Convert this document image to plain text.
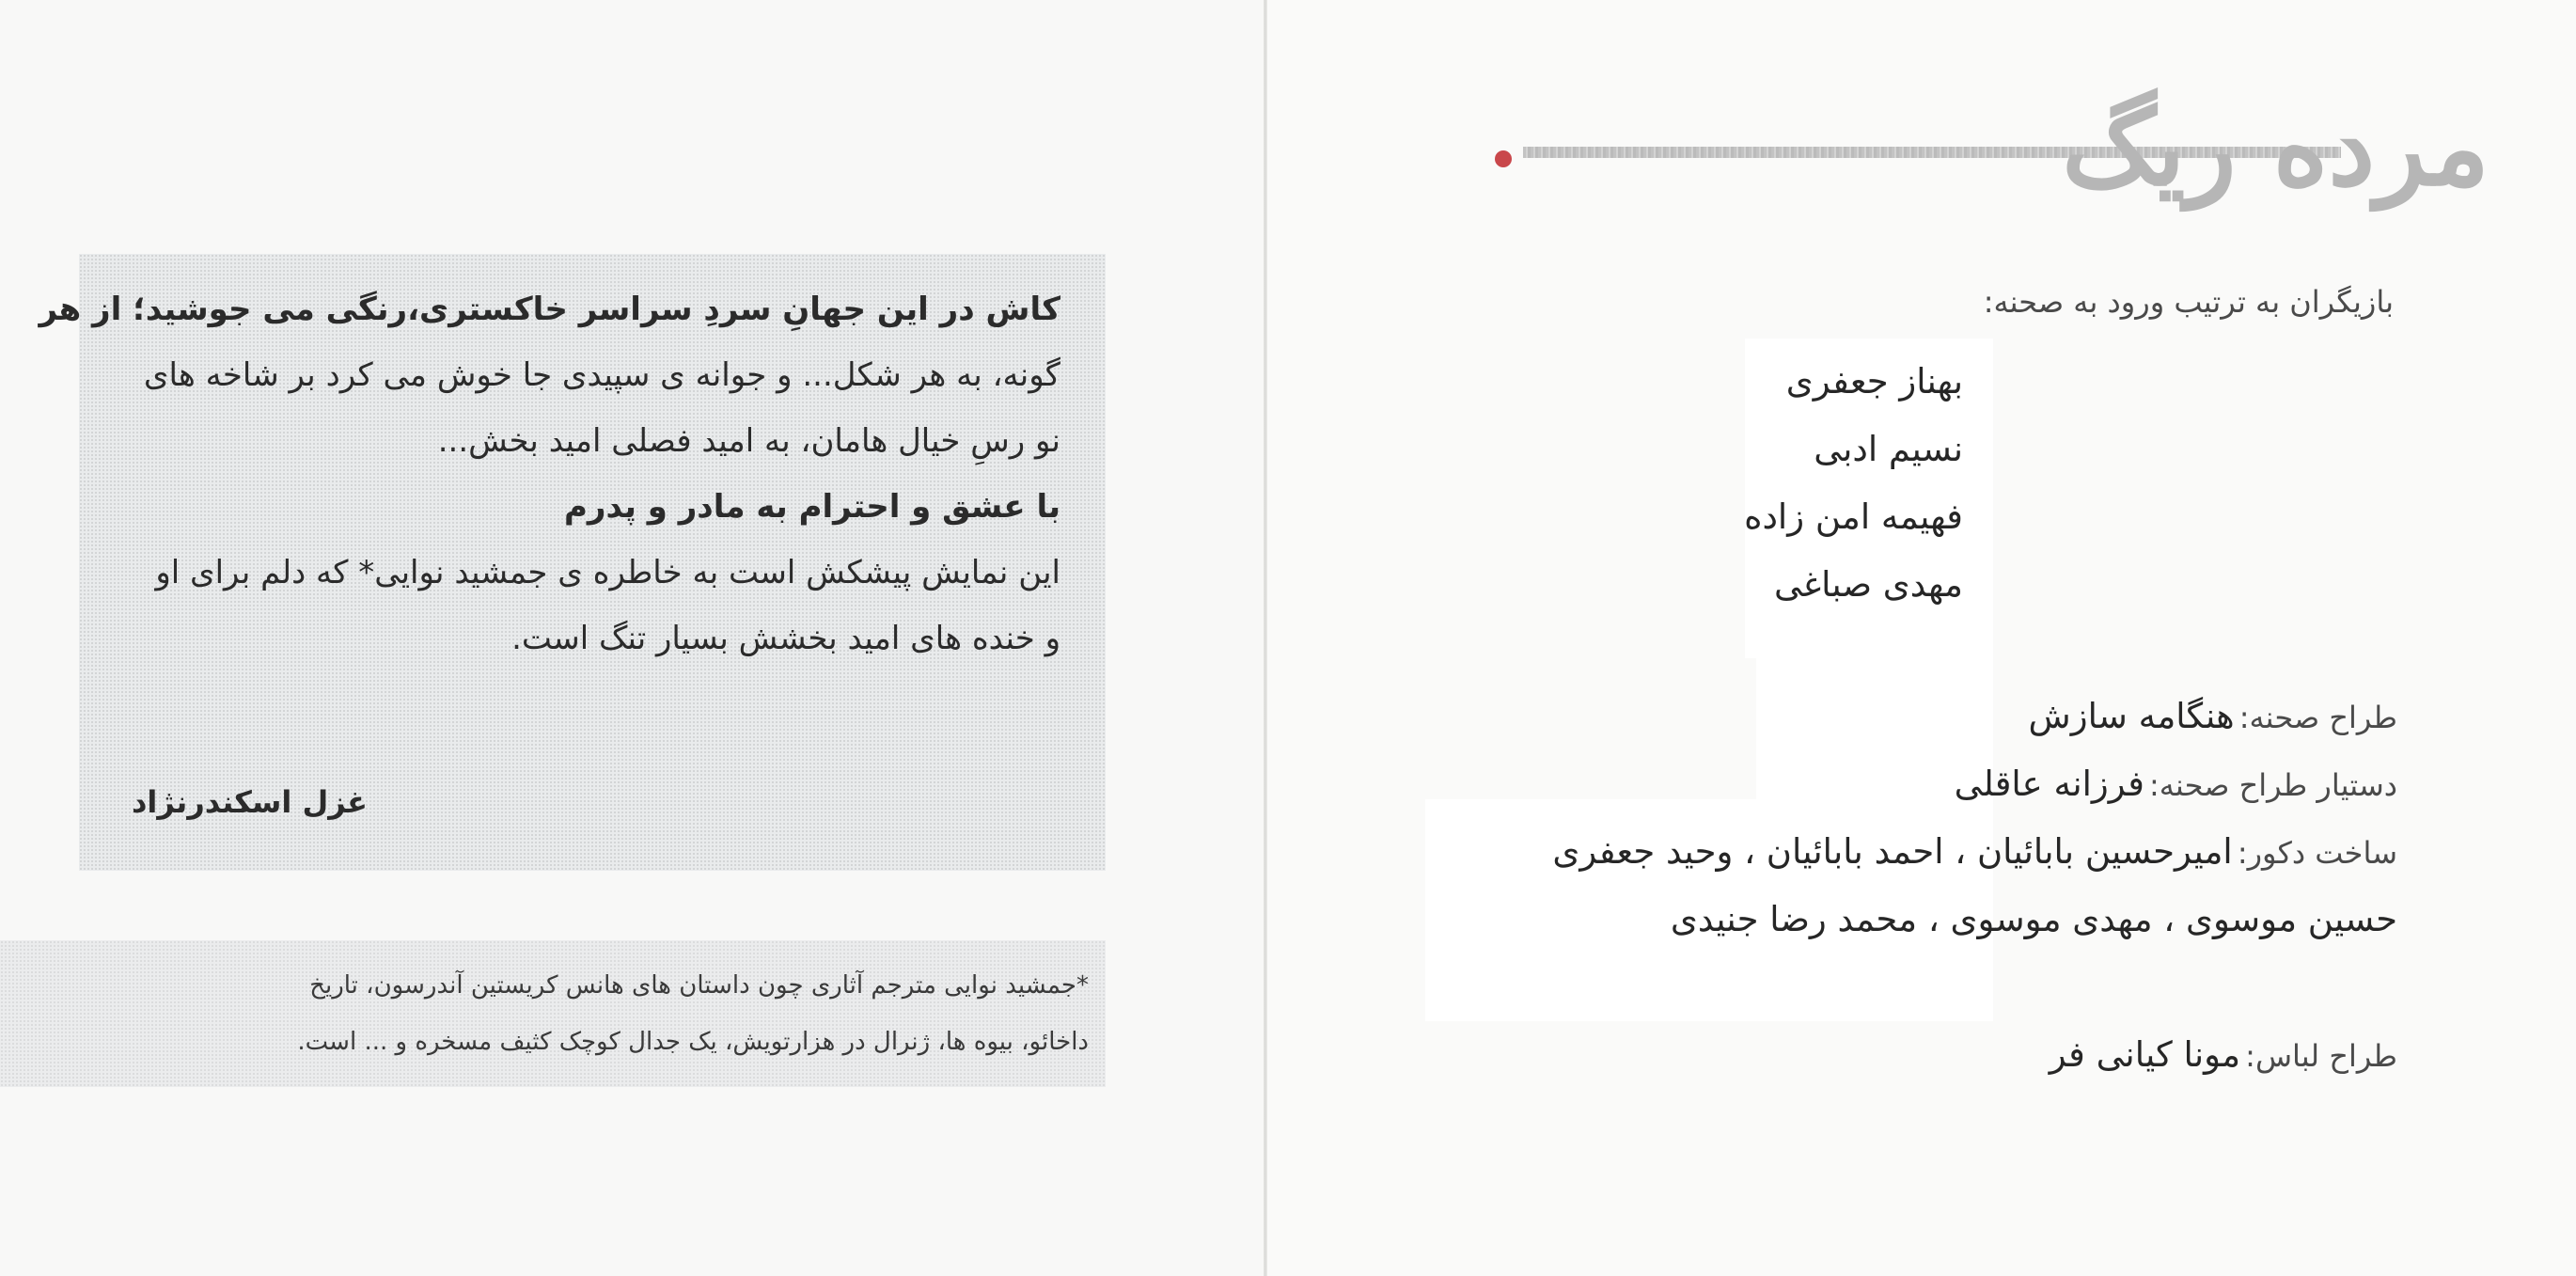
کاش در این جهانِ سردِ سراسر خاکستری،رنگی می جوشید؛ از هر
گونه، به هر شکل... و جوانه ی سپیدی جا خوش می کرد بر شاخه های
نو رسِ خیال هامان، به امید فصلی امید بخش...
با عشق و احترام به مادر و پدرم
این نمایش پیشکش است به خاطره ی جمشید نوایی* که دلم برای او
و خنده های امید بخشش بسیار تنگ است.
غزل اسکندرنژاد
*جمشید نوایی مترجم آثاری چون داستان های هانس کریستین آندرسون، تاریخ
داخائو، بیوه ها، ژنرال در هزارتویش، یک جدال کوچک کثیف مسخره و ... است.
مرده ریگ
بازیگران به ترتیب ورود به صحنه:
بهناز جعفری
نسیم ادبی
فهیمه امن زاده
مهدی صباغی
طراح صحنه: هنگامه سازش
دستیار طراح صحنه: فرزانه عاقلی
ساخت دکور: امیرحسین بابائیان ، احمد بابائیان ، وحید جعفری
حسین موسوی ، مهدی موسوی ، محمد رضا جنیدی
طراح لباس: مونا کیانی فر
